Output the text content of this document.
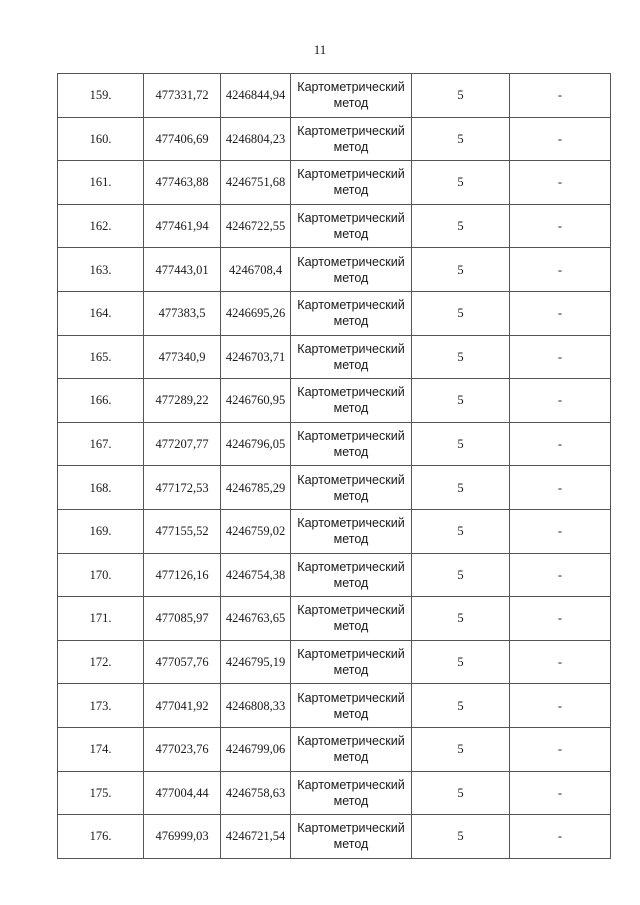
11
159.	477331,72	4246844,94	Картометрический метод	5	-
160.	477406,69	4246804,23	Картометрический метод	5	-
161.	477463,88	4246751,68	Картометрический метод	5	-
162.	477461,94	4246722,55	Картометрический метод	5	-
163.	477443,01	4246708,4	Картометрический метод	5	-
164.	477383,5	4246695,26	Картометрический метод	5	-
165.	477340,9	4246703,71	Картометрический метод	5	-
166.	477289,22	4246760,95	Картометрический метод	5	-
167.	477207,77	4246796,05	Картометрический метод	5	-
168.	477172,53	4246785,29	Картометрический метод	5	-
169.	477155,52	4246759,02	Картометрический метод	5	-
170.	477126,16	4246754,38	Картометрический метод	5	-
171.	477085,97	4246763,65	Картометрический метод	5	-
172.	477057,76	4246795,19	Картометрический метод	5	-
173.	477041,92	4246808,33	Картометрический метод	5	-
174.	477023,76	4246799,06	Картометрический метод	5	-
175.	477004,44	4246758,63	Картометрический метод	5	-
176.	476999,03	4246721,54	Картометрический метод	5	-
